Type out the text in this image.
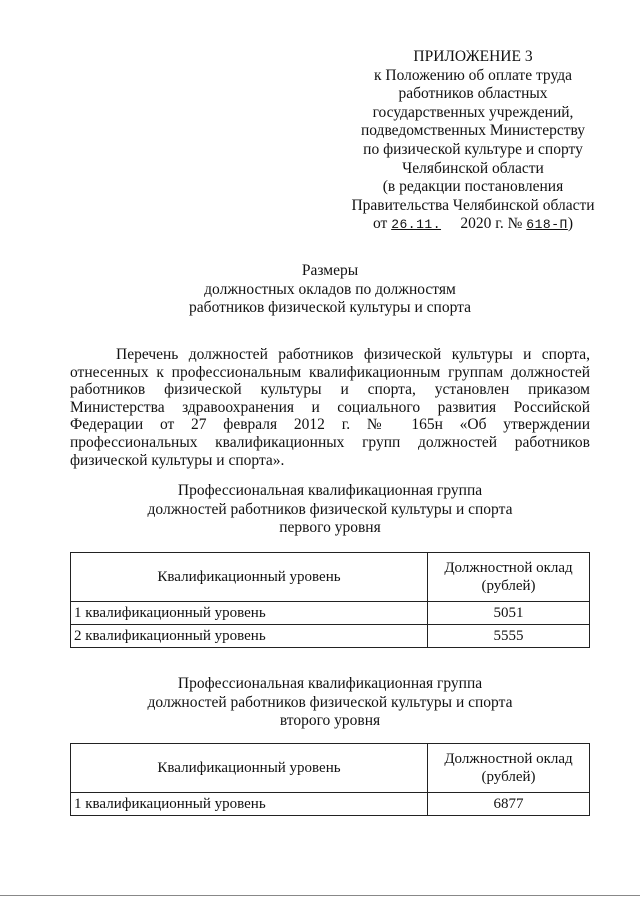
ПРИЛОЖЕНИЕ 3
к Положению об оплате труда
работников областных
государственных учреждений,
подведомственных Министерству
по физической культуре и спорту
Челябинской области
(в редакции постановления
Правительства Челябинской области
от 26.11. 2020 г. № 618-П)
Размеры
должностных окладов по должностям
работников физической культуры и спорта
Перечень должностей работников физической культуры и спорта, отнесенных к профессиональным квалификационным группам должностей работников физической культуры и спорта, установлен приказом Министерства здравоохранения и социального развития Российской Федерации от 27 февраля 2012 г. № 165н «Об утверждении профессиональных квалификационных групп должностей работников физической культуры и спорта».
Профессиональная квалификационная группа
должностей работников физической культуры и спорта
первого уровня
Квалификационный уровень	Должностной оклад
(рублей)

1 квалификационный уровень	5051
2 квалификационный уровень	5555
Профессиональная квалификационная группа
должностей работников физической культуры и спорта
второго уровня
Квалификационный уровень	Должностной оклад
(рублей)

1 квалификационный уровень	6877
